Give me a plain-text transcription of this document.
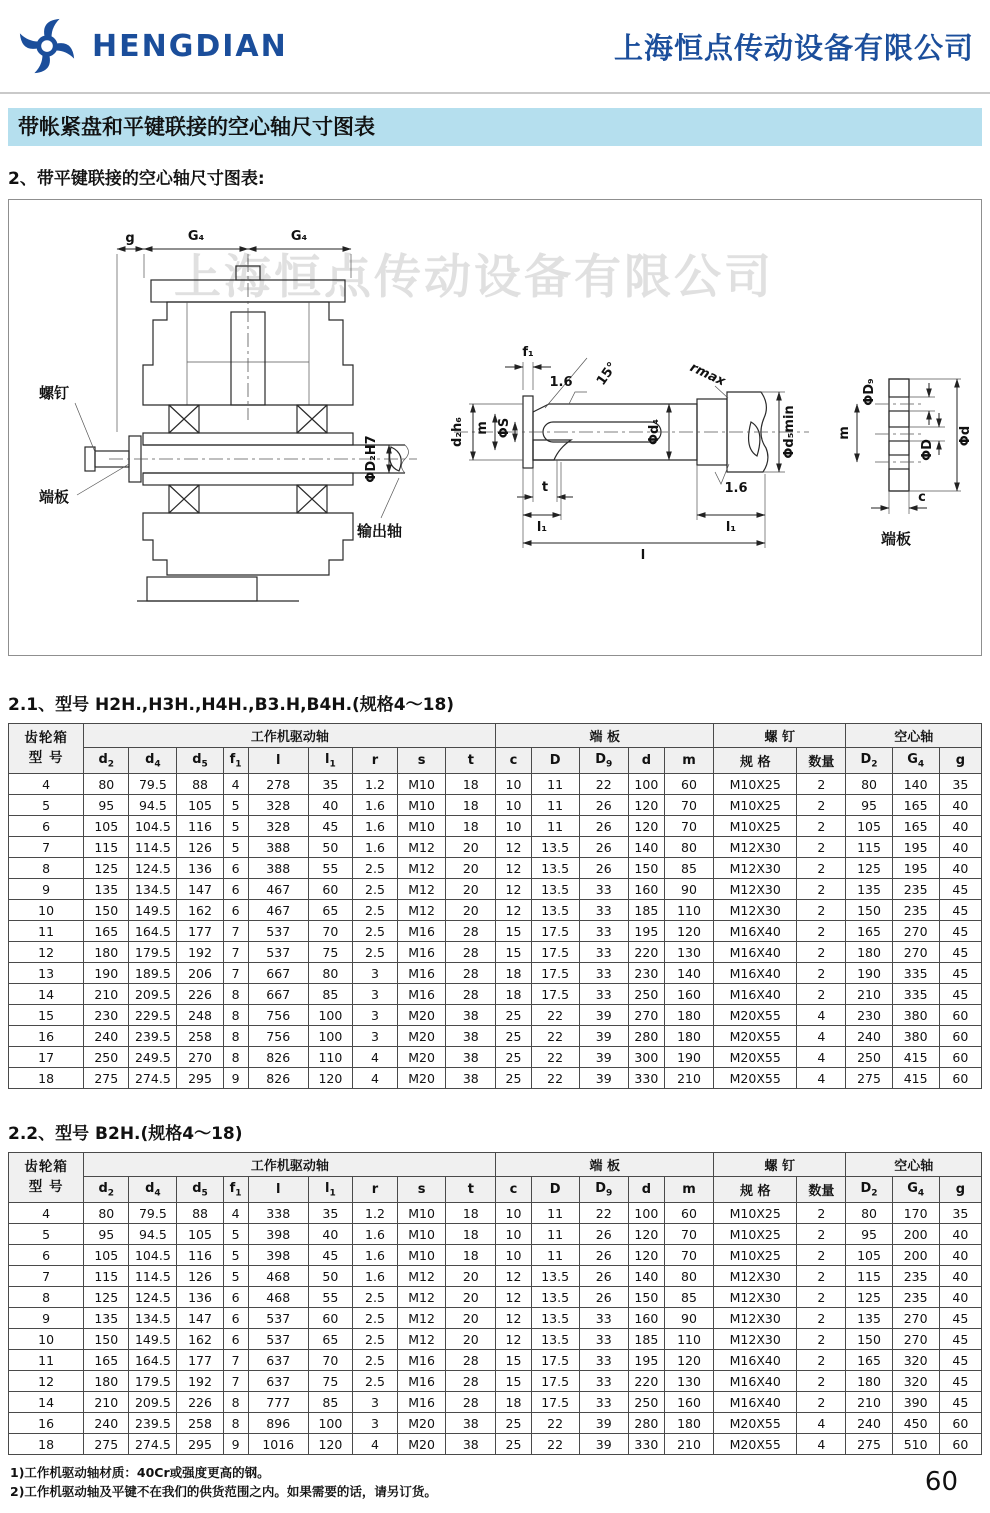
HENGDIAN	上海恒点传动设备有限公司
带帐紧盘和平键联接的空心轴尺寸图表
2、带平键联接的空心轴尺寸图表:
上海恒点传动设备有限公司
g	G₄	G₄
ΦD₂H7
螺钉
端板
输出轴
f₁
1.6 15°	rmax
d₂h₆ m ΦS	Φd₄	Φd₅min
1.6
t
l₁	l₁
l
ΦD₉
m
ΦD
Φd
c
端板
2.1、型号 H2H.,H3H.,H4H.,B3.H,B4H.(规格4～18)
齿轮箱
型 号	工作机驱动轴									端 板					螺 钉		空心轴		
	$d_2$	$d_4$	$d_5$	$f_1$	l	$l_1$	r	s	t	c	D	$D_9$	d	m	规 格	数量	$D_2$	$G_4$	g
4	80	79.5	88	4	278	35	1.2	M10	18	10	11	22	100	60	M10X25	2	80	140	35
5	95	94.5	105	5	328	40	1.6	M10	18	10	11	26	120	70	M10X25	2	95	165	40
6	105	104.5	116	5	328	45	1.6	M10	18	10	11	26	120	70	M10X25	2	105	165	40
7	115	114.5	126	5	388	50	1.6	M12	20	12	13.5	26	140	80	M12X30	2	115	195	40
8	125	124.5	136	6	388	55	2.5	M12	20	12	13.5	26	150	85	M12X30	2	125	195	40
9	135	134.5	147	6	467	60	2.5	M12	20	12	13.5	33	160	90	M12X30	2	135	235	45
10	150	149.5	162	6	467	65	2.5	M12	20	12	13.5	33	185	110	M12X30	2	150	235	45
11	165	164.5	177	7	537	70	2.5	M16	28	15	17.5	33	195	120	M16X40	2	165	270	45
12	180	179.5	192	7	537	75	2.5	M16	28	15	17.5	33	220	130	M16X40	2	180	270	45
13	190	189.5	206	7	667	80	3	M16	28	18	17.5	33	230	140	M16X40	2	190	335	45
14	210	209.5	226	8	667	85	3	M16	28	18	17.5	33	250	160	M16X40	2	210	335	45
15	230	229.5	248	8	756	100	3	M20	38	25	22	39	270	180	M20X55	4	230	380	60
16	240	239.5	258	8	756	100	3	M20	38	25	22	39	280	180	M20X55	4	240	380	60
17	250	249.5	270	8	826	110	4	M20	38	25	22	39	300	190	M20X55	4	250	415	60
18	275	274.5	295	9	826	120	4	M20	38	25	22	39	330	210	M20X55	4	275	415	60
2.2、型号 B2H.(规格4～18)
齿轮箱
型 号	工作机驱动轴									端 板					螺 钉		空心轴		
	$d_2$	$d_4$	$d_5$	$f_1$	l	$l_1$	r	s	t	c	D	$D_9$	d	m	规 格	数量	$D_2$	$G_4$	g
4	80	79.5	88	4	338	35	1.2	M10	18	10	11	22	100	60	M10X25	2	80	170	35
5	95	94.5	105	5	398	40	1.6	M10	18	10	11	26	120	70	M10X25	2	95	200	40
6	105	104.5	116	5	398	45	1.6	M10	18	10	11	26	120	70	M10X25	2	105	200	40
7	115	114.5	126	5	468	50	1.6	M12	20	12	13.5	26	140	80	M12X30	2	115	235	40
8	125	124.5	136	6	468	55	2.5	M12	20	12	13.5	26	150	85	M12X30	2	125	235	40
9	135	134.5	147	6	537	60	2.5	M12	20	12	13.5	33	160	90	M12X30	2	135	270	45
10	150	149.5	162	6	537	65	2.5	M12	20	12	13.5	33	185	110	M12X30	2	150	270	45
11	165	164.5	177	7	637	70	2.5	M16	28	15	17.5	33	195	120	M16X40	2	165	320	45
12	180	179.5	192	7	637	75	2.5	M16	28	15	17.5	33	220	130	M16X40	2	180	320	45
14	210	209.5	226	8	777	85	3	M16	28	18	17.5	33	250	160	M16X40	2	210	390	45
16	240	239.5	258	8	896	100	3	M20	38	25	22	39	280	180	M20X55	4	240	450	60
18	275	274.5	295	9	1016	120	4	M20	38	25	22	39	330	210	M20X55	4	275	510	60
1)工作机驱动轴材质：40Cr或强度更高的钢。
2)工作机驱动轴及平键不在我们的供货范围之内。如果需要的话，请另订货。	60
